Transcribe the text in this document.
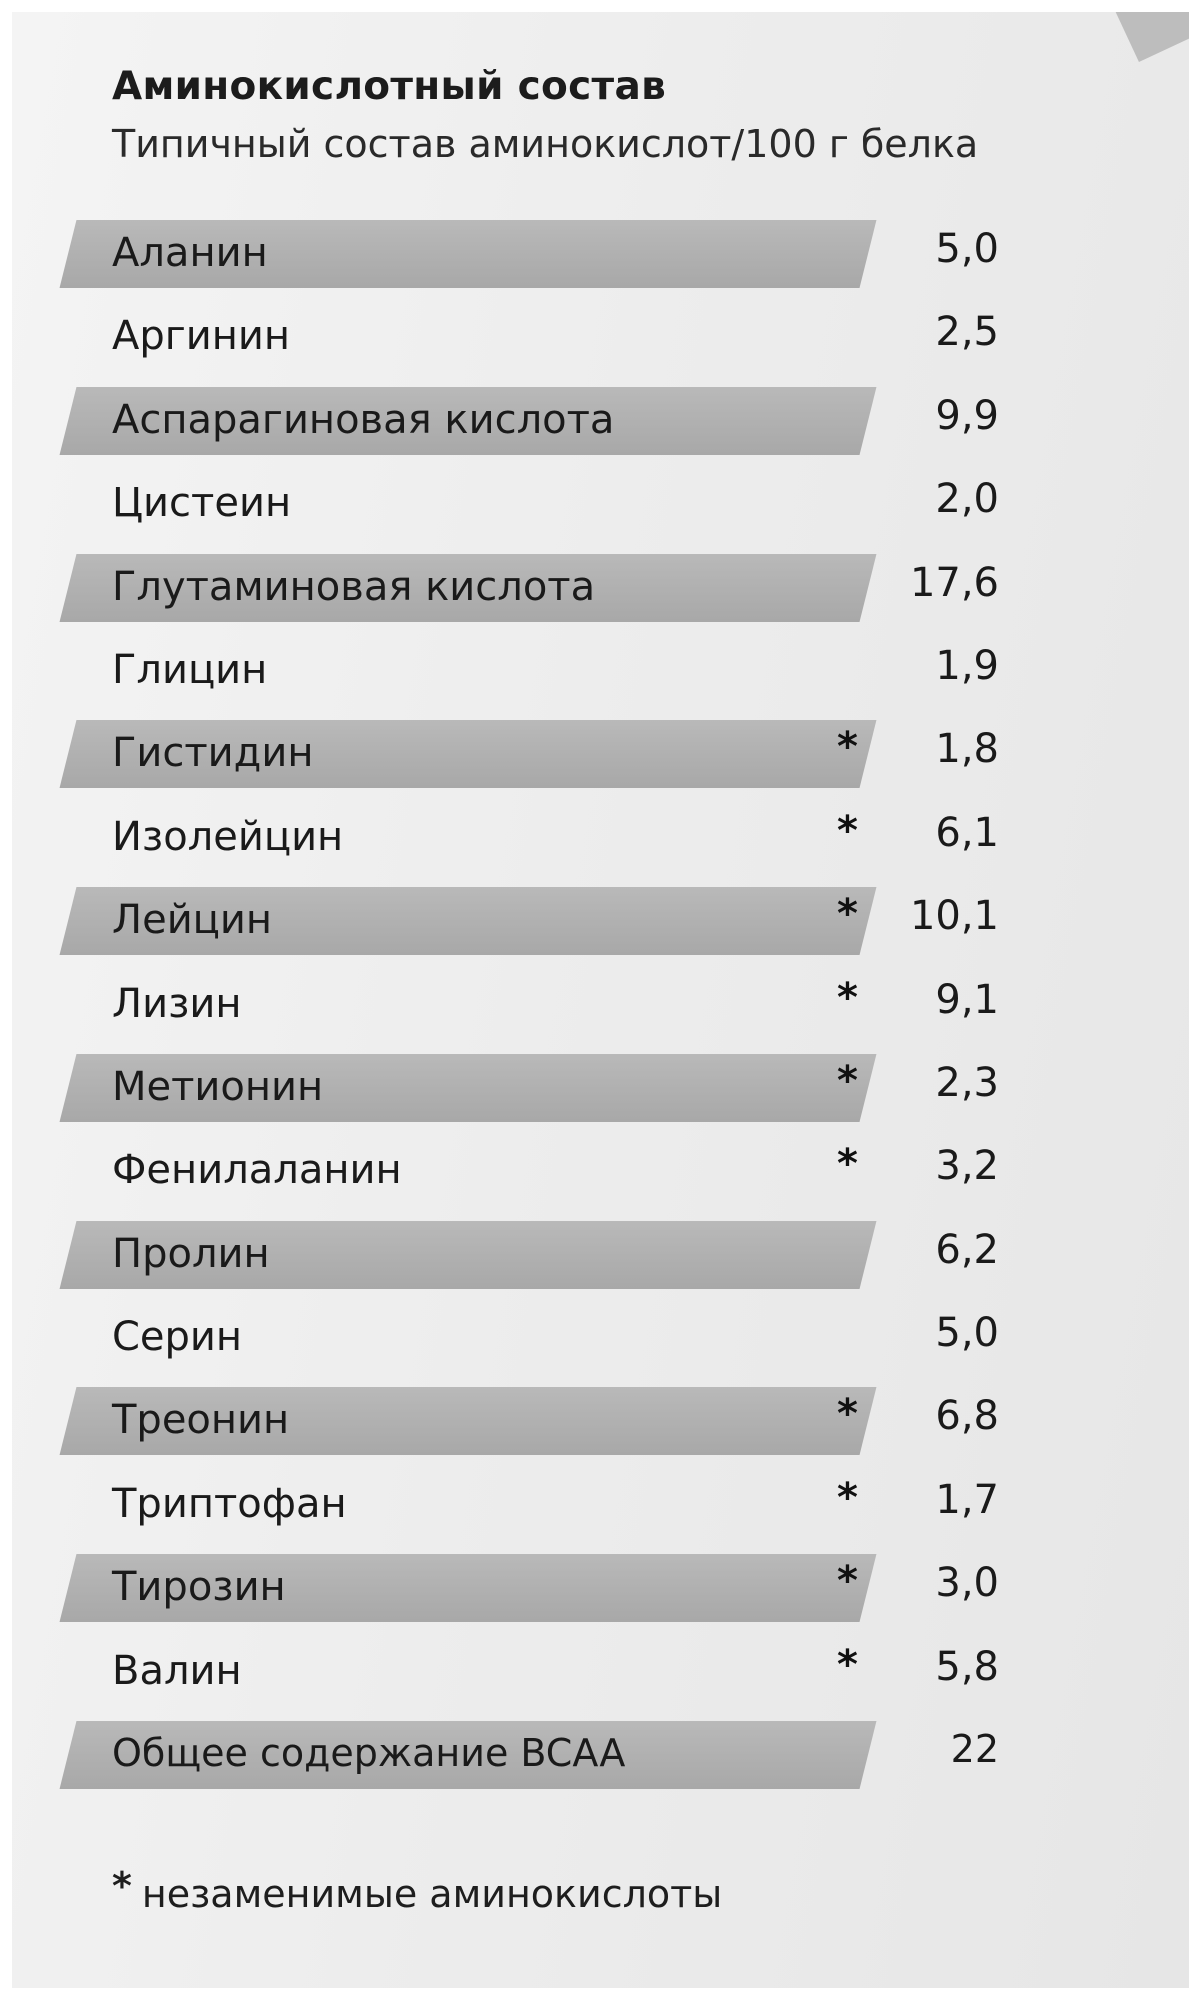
Аминокислотный состав
Типичный состав аминокислот/100 г белка
Аланин	5,0
Аргинин	2,5
Аспарагиновая кислота	9,9
Цистеин	2,0
Глутаминовая кислота	17,6
Глицин	1,9
Гистидин	* 1,8
Изолейцин	* 6,1
Лейцин	* 10,1
Лизин	* 9,1
Метионин	* 2,3
Фенилаланин	* 3,2
Пролин	6,2
Серин	5,0
Треонин	* 6,8
Триптофан	* 1,7
Тирозин	* 3,0
Валин	* 5,8
Общее содержание BCAA	22
* незаменимые аминокислоты
